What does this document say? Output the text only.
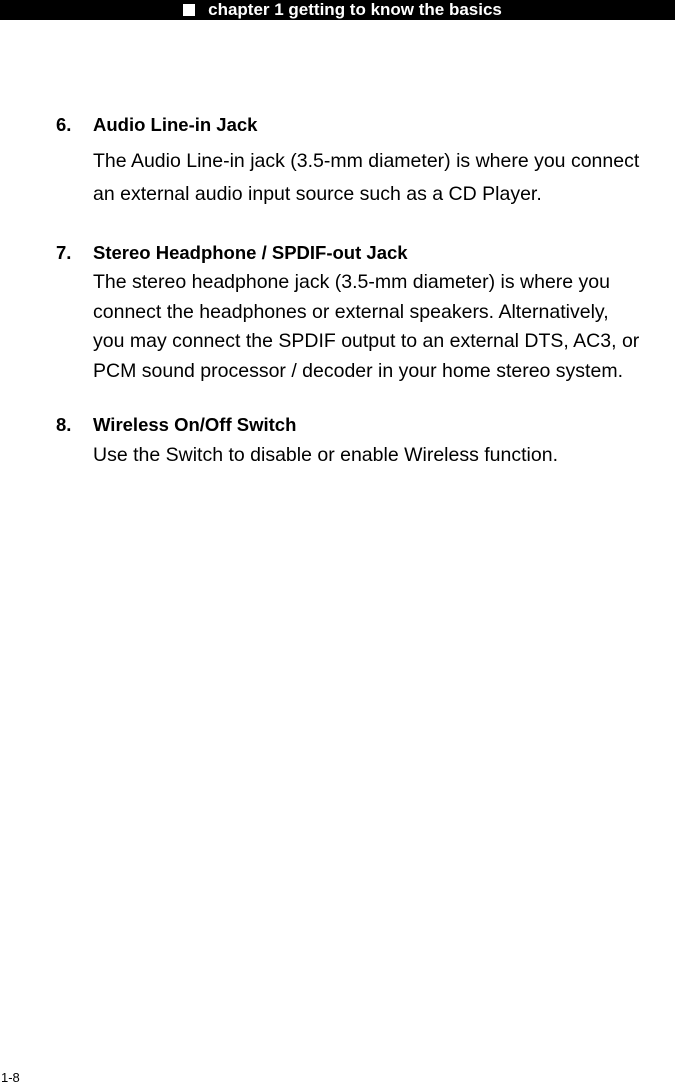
chapter 1 getting to know the basics
6. Audio Line-in Jack
The Audio Line-in jack (3.5-mm diameter) is where you connect
an external audio input source such as a CD Player.
7. Stereo Headphone / SPDIF-out Jack
The stereo headphone jack (3.5-mm diameter) is where you
connect the headphones or external speakers. Alternatively,
you may connect the SPDIF output to an external DTS, AC3, or
PCM sound processor / decoder in your home stereo system.
8. Wireless On/Off Switch
Use the Switch to disable or enable Wireless function.
1-8
